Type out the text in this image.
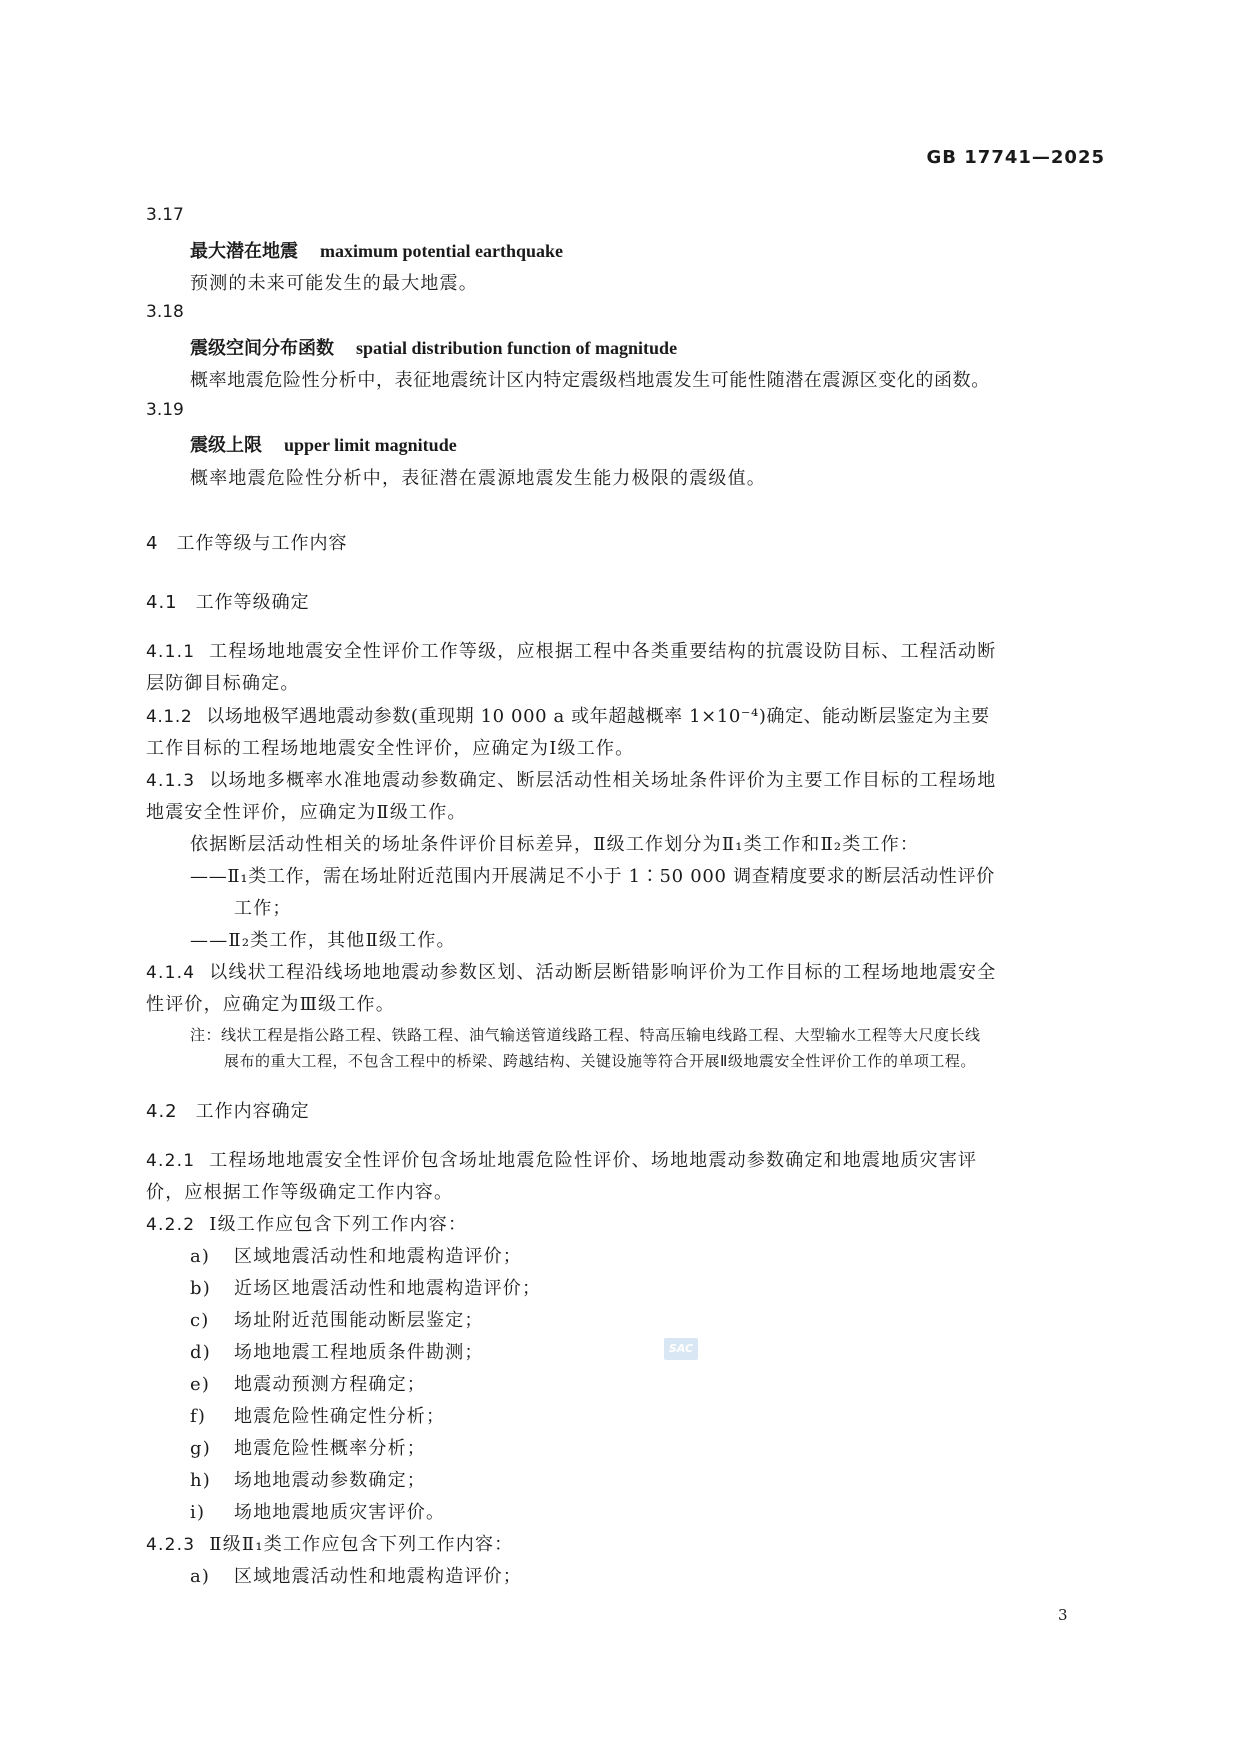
GB 17741—2025
3.17
最大潜在地震 maximum potential earthquake
预测的未来可能发生的最大地震。
3.18
震级空间分布函数 spatial distribution function of magnitude
概率地震危险性分析中，表征地震统计区内特定震级档地震发生可能性随潜在震源区变化的函数。
3.19
震级上限 upper limit magnitude
概率地震危险性分析中，表征潜在震源地震发生能力极限的震级值。
4 工作等级与工作内容
4.1 工作等级确定
4.1.1 工程场地地震安全性评价工作等级，应根据工程中各类重要结构的抗震设防目标、工程活动断
层防御目标确定。
4.1.2 以场地极罕遇地震动参数(重现期 10 000 a 或年超越概率 1×10⁻⁴)确定、能动断层鉴定为主要
工作目标的工程场地地震安全性评价，应确定为Ⅰ级工作。
4.1.3 以场地多概率水准地震动参数确定、断层活动性相关场址条件评价为主要工作目标的工程场地
地震安全性评价，应确定为Ⅱ级工作。
依据断层活动性相关的场址条件评价目标差异，Ⅱ级工作划分为Ⅱ₁类工作和Ⅱ₂类工作：
——Ⅱ₁类工作，需在场址附近范围内开展满足不小于 1∶50 000 调查精度要求的断层活动性评价
工作；
——Ⅱ₂类工作，其他Ⅱ级工作。
4.1.4 以线状工程沿线场地地震动参数区划、活动断层断错影响评价为工作目标的工程场地地震安全
性评价，应确定为Ⅲ级工作。
注：线状工程是指公路工程、铁路工程、油气输送管道线路工程、特高压输电线路工程、大型输水工程等大尺度长线
展布的重大工程，不包含工程中的桥梁、跨越结构、关键设施等符合开展Ⅱ级地震安全性评价工作的单项工程。
4.2 工作内容确定
4.2.1 工程场地地震安全性评价包含场址地震危险性评价、场地地震动参数确定和地震地质灾害评
价，应根据工作等级确定工作内容。
4.2.2 Ⅰ级工作应包含下列工作内容：
a) 区域地震活动性和地震构造评价；
b) 近场区地震活动性和地震构造评价；
c) 场址附近范围能动断层鉴定；
d) 场地地震工程地质条件勘测；
e) 地震动预测方程确定；
f) 地震危险性确定性分析；
g) 地震危险性概率分析；
h) 场地地震动参数确定；
i) 场地地震地质灾害评价。
4.2.3 Ⅱ级Ⅱ₁类工作应包含下列工作内容：
a) 区域地震活动性和地震构造评价；
SAC
3
